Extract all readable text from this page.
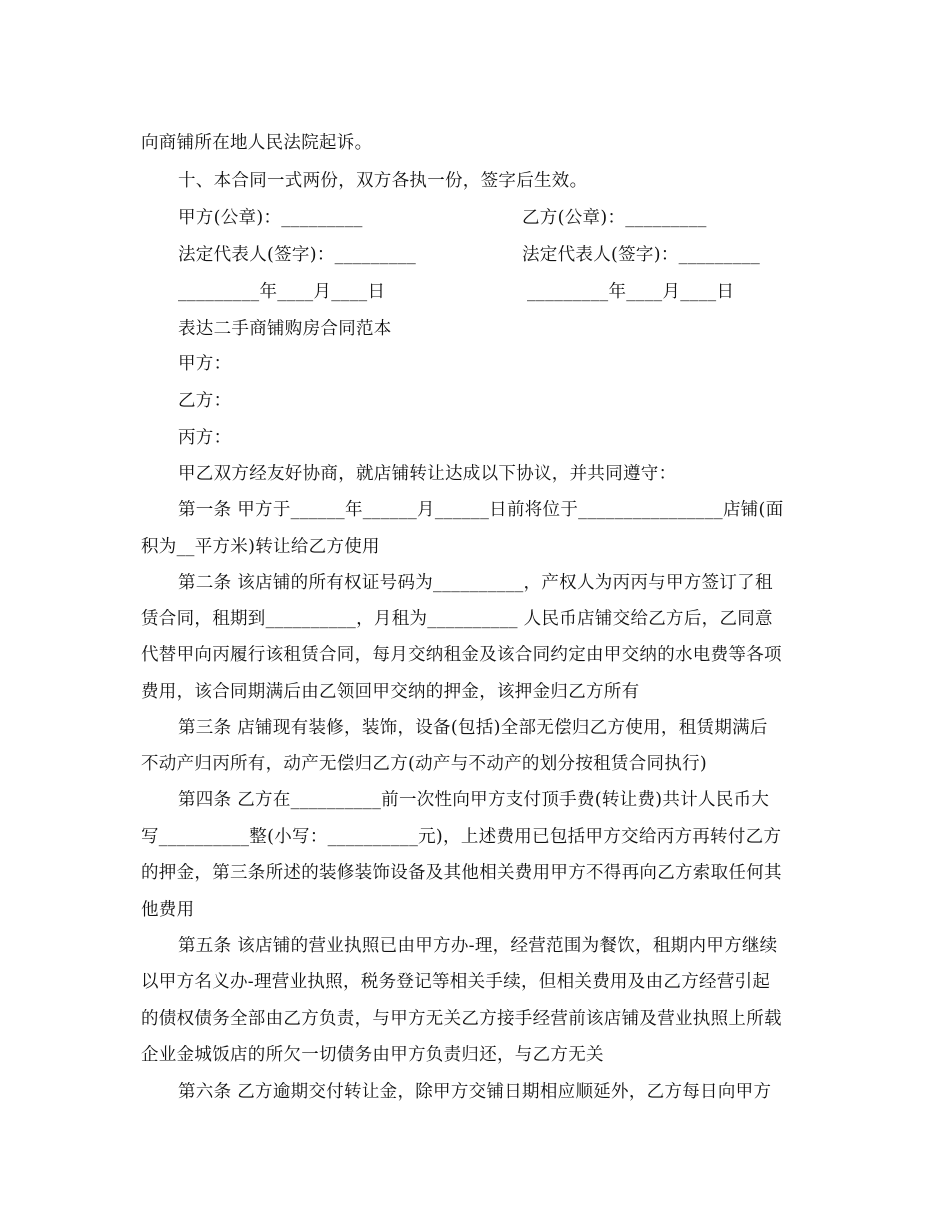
向商铺所在地人民法院起诉。
十、本合同一式两份，双方各执一份，签字后生效。
甲方(公章)：_________	乙方(公章)：_________
法定代表人(签字)：_________	法定代表人(签字)：_________
_________年____月____日	_________年____月____日
表达二手商铺购房合同范本
甲方：
乙方：
丙方：
甲乙双方经友好协商，就店铺转让达成以下协议，并共同遵守：
第一条 甲方于______年______月______日前将位于________________店铺(面
积为__平方米)转让给乙方使用
第二条 该店铺的所有权证号码为__________，产权人为丙丙与甲方签订了租
赁合同，租期到__________，月租为__________ 人民币店铺交给乙方后，乙同意
代替甲向丙履行该租赁合同，每月交纳租金及该合同约定由甲交纳的水电费等各项
费用，该合同期满后由乙领回甲交纳的押金，该押金归乙方所有
第三条 店铺现有装修，装饰，设备(包括)全部无偿归乙方使用，租赁期满后
不动产归丙所有，动产无偿归乙方(动产与不动产的划分按租赁合同执行)
第四条 乙方在__________前一次性向甲方支付顶手费(转让费)共计人民币大
写__________整(小写：__________元)，上述费用已包括甲方交给丙方再转付乙方
的押金，第三条所述的装修装饰设备及其他相关费用甲方不得再向乙方索取任何其
他费用
第五条 该店铺的营业执照已由甲方办-理，经营范围为餐饮，租期内甲方继续
以甲方名义办-理营业执照，税务登记等相关手续，但相关费用及由乙方经营引起
的债权债务全部由乙方负责，与甲方无关乙方接手经营前该店铺及营业执照上所载
企业金城饭店的所欠一切债务由甲方负责归还，与乙方无关
第六条 乙方逾期交付转让金，除甲方交铺日期相应顺延外，乙方每日向甲方
